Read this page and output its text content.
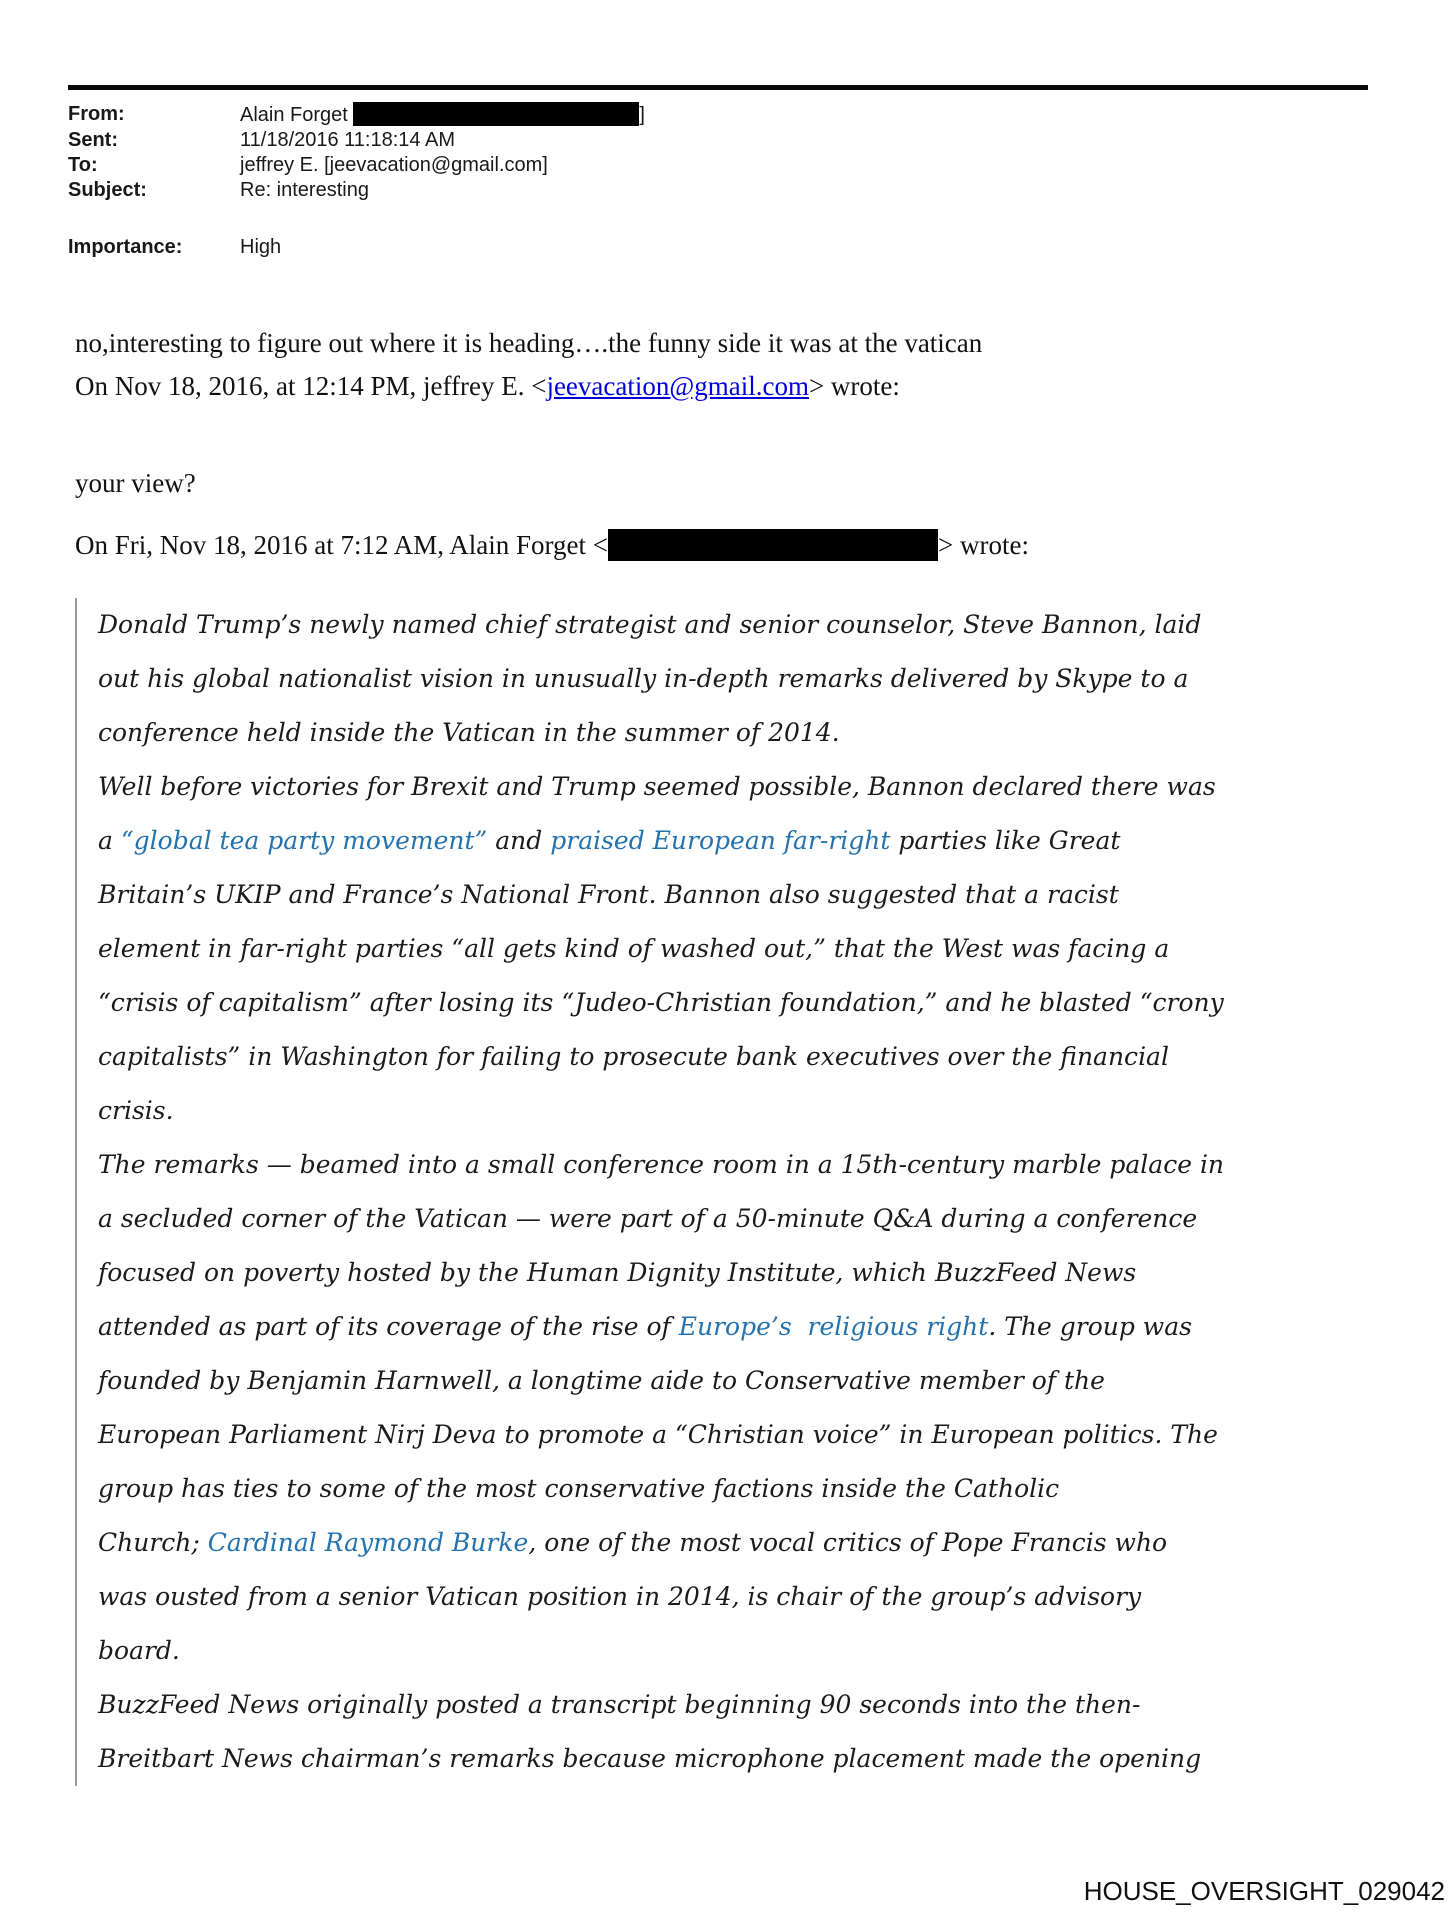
From:	Alain Forget	]
Sent:	11/18/2016 11:18:14 AM
To:	jeffrey E. [jeevacation@gmail.com]
Subject:	Re: interesting
Importance:	High
no,interesting to figure out where it is heading….the funny side it was at the vatican
On Nov 18, 2016, at 12:14 PM, jeffrey E. <jeevacation@gmail.com> wrote:
your view?
On Fri, Nov 18, 2016 at 7:12 AM, Alain Forget <	> wrote:
Donald Trump’s newly named chief strategist and senior counselor, Steve Bannon, laid
out his global nationalist vision in unusually in-depth remarks delivered by Skype to a
conference held inside the Vatican in the summer of 2014.
Well before victories for Brexit and Trump seemed possible, Bannon declared there was
a “global tea party movement” and praised European far-right parties like Great
Britain’s UKIP and France’s National Front. Bannon also suggested that a racist
element in far-right parties “all gets kind of washed out,” that the West was facing a
“crisis of capitalism” after losing its “Judeo-Christian foundation,” and he blasted “crony
capitalists” in Washington for failing to prosecute bank executives over the financial
crisis.
The remarks — beamed into a small conference room in a 15th-century marble palace in
a secluded corner of the Vatican — were part of a 50-minute Q&A during a conference
focused on poverty hosted by the Human Dignity Institute, which BuzzFeed News
attended as part of its coverage of the rise of Europe’s  religious right. The group was
founded by Benjamin Harnwell, a longtime aide to Conservative member of the
European Parliament Nirj Deva to promote a “Christian voice” in European politics. The
group has ties to some of the most conservative factions inside the Catholic
Church; Cardinal Raymond Burke, one of the most vocal critics of Pope Francis who
was ousted from a senior Vatican position in 2014, is chair of the group’s advisory
board.
BuzzFeed News originally posted a transcript beginning 90 seconds into the then-
Breitbart News chairman’s remarks because microphone placement made the opening
HOUSE_OVERSIGHT_029042
